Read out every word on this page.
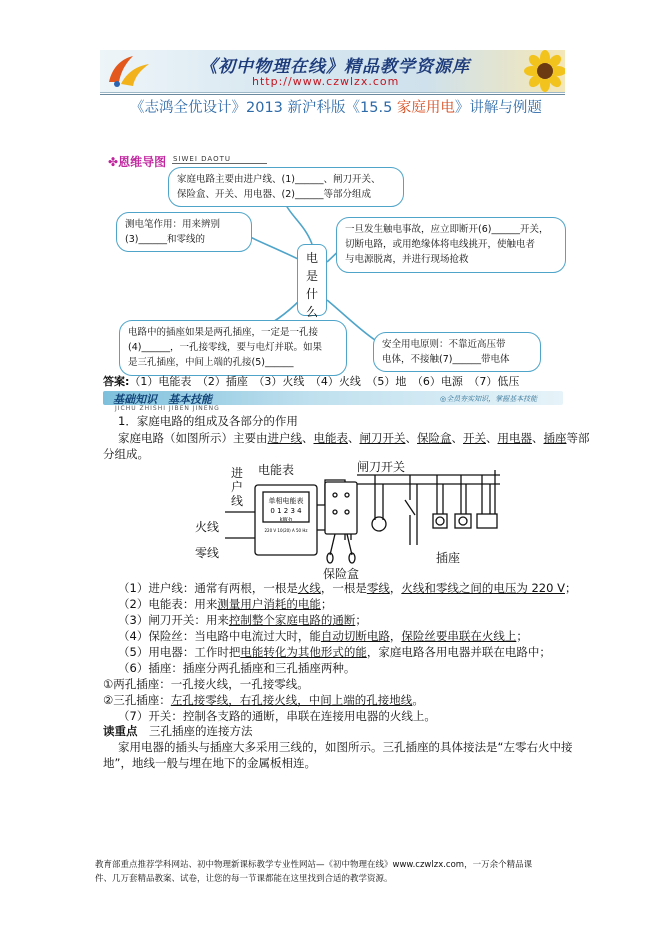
《初中物理在线》精品教学资源库
http://www.czwlzx.com
《志鸿全优设计》2013 新沪科版《15.5 家庭用电》讲解与例题
✤恩维导图 SIWEI DAOTU
家庭电路主要由进户线、(1)______、闸刀开关、
保险盒、开关、用电器、(2)______等部分组成
测电笔作用：用来辨别
(3)______和零线的
一旦发生触电事故，应立即断开(6)______开关，
切断电路，或用绝缘体将电线挑开，使触电者
与电源脱离，并进行现场抢救
电
是
什
么
电路中的插座如果是两孔插座，一定是一孔接
(4)______，一孔接零线，要与电灯并联。如果
是三孔插座，中间上端的孔接(5)______
安全用电原则：不靠近高压带
电体，不接触(7)______带电体
答案:（1）电能表　（2）插座　（3）火线　（4）火线　（5）地　（6）电源　（7）低压
基础知识　基本技能	◎全员夯实知识，掌握基本技能
JICHU ZHISHI JIBEN JINENG
1．家庭电路的组成及各部分的作用
家庭电路（如图所示）主要由进户线、电能表、闸刀开关、保险盒、开关、用电器、插座等部
分组成。
单相电能表
0 1 2 3 4
kW·h
220 V 10(20) A 50 Hz
进
户
线
电能表	闸刀开关
火线
零线
保险盒
插座
（1）进户线：通常有两根，一根是火线，一根是零线，火线和零线之间的电压为 220 V；
（2）电能表：用来测量用户消耗的电能；
（3）闸刀开关：用来控制整个家庭电路的通断；
（4）保险丝：当电路中电流过大时，能自动切断电路，保险丝要串联在火线上；
（5）用电器：工作时把电能转化为其他形式的能，家庭电路各用电器并联在电路中；
（6）插座：插座分两孔插座和三孔插座两种。
①两孔插座：一孔接火线，一孔接零线。
②三孔插座：左孔接零线，右孔接火线，中间上端的孔接地线。
（7）开关：控制各支路的通断，串联在连接用电器的火线上。
读重点　 三孔插座的连接方法
家用电器的插头与插座大多采用三线的，如图所示。三孔插座的具体接法是“左零右火中接
地”，地线一般与埋在地下的金属板相连。
教育部重点推荐学科网站、初中物理新课标教学专业性网站—《初中物理在线》www.czwlzx.com，一万余个精品课
件、几万套精品教案、试卷，让您的每一节课都能在这里找到合适的教学资源。
